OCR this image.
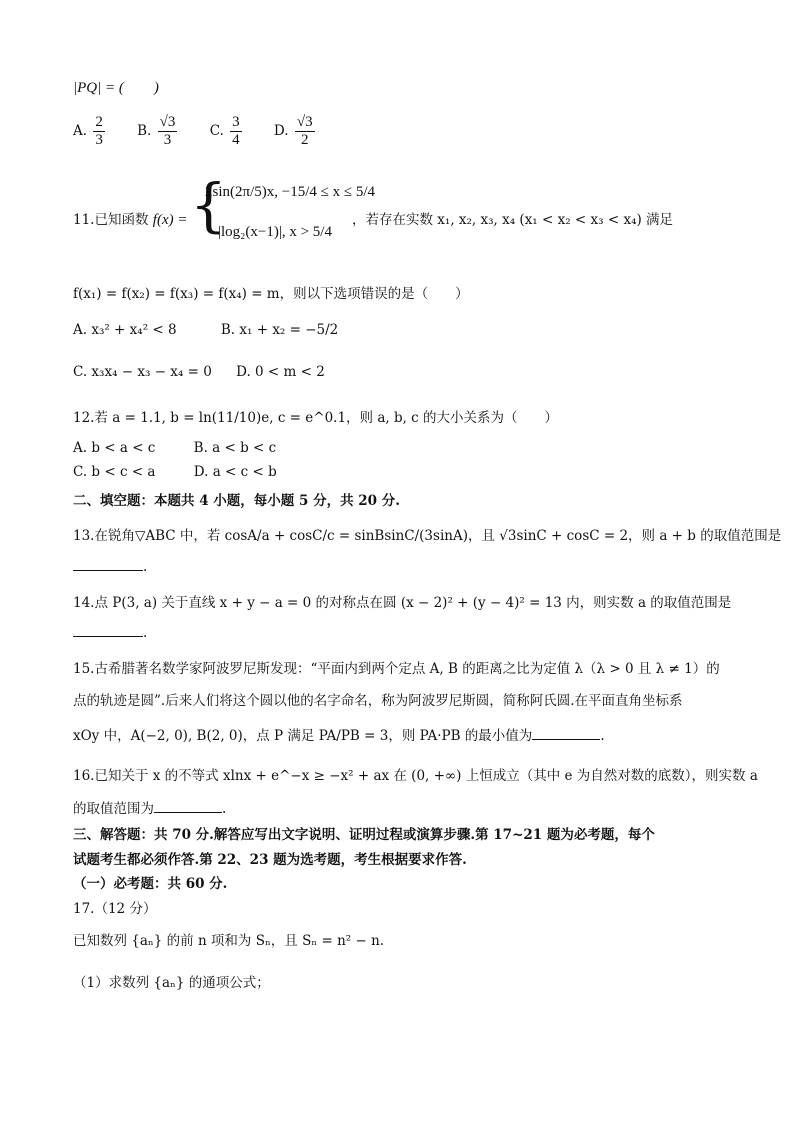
|PQ| = (　　)
A. $\frac{2}{3} B$. $\frac{√3}{3} C$. $\frac{3}{4} D$. $\frac{√3}{2}$
11.已知函数 f(x) = {
2sin(2π/5)x, −15/4 ≤ x ≤ 5/4
|log₂(x−1)|, x > 5/4
，若存在实数 x₁, x₂, x₃, x₄ (x₁ < x₂ < x₃ < x₄) 满足
f(x₁) = f(x₂) = f(x₃) = f(x₄) = m，则以下选项错误的是（　　）
A. x₃² + x₄² < 8	B. x₁ + x₂ = −5/2
C. x₃x₄ − x₃ − x₄ = 0 D. 0 < m < 2
12.若 a = 1.1, b = ln(11/10)e, c = e^0.1，则 a, b, c 的大小关系为（　　）
A. b < a < c	B. a < b < c
C. b < c < a	D. a < c < b
二、填空题：本题共 4 小题，每小题 5 分，共 20 分.
13.在锐角▽ABC 中，若 cosA/a + cosC/c = sinBsinC/(3sinA)，且 √3sinC + cosC = 2，则 a + b 的取值范围是
.
14.点 P(3, a) 关于直线 x + y − a = 0 的对称点在圆 (x − 2)² + (y − 4)² = 13 内，则实数 a 的取值范围是
.
15.古希腊著名数学家阿波罗尼斯发现：“平面内到两个定点 A, B 的距离之比为定值 λ（λ > 0 且 λ ≠ 1）的
点的轨迹是圆”.后来人们将这个圆以他的名字命名，称为阿波罗尼斯圆，简称阿氏圆.在平面直角坐标系
xOy 中，A(−2, 0), B(2, 0)，点 P 满足 PA/PB = 3，则 PA·PB 的最小值为	.
16.已知关于 x 的不等式 xlnx + e^−x ≥ −x² + ax 在 (0, +∞) 上恒成立（其中 e 为自然对数的底数），则实数 a
的取值范围为	.
三、解答题：共 70 分.解答应写出文字说明、证明过程或演算步骤.第 17~21 题为必考题，每个
试题考生都必须作答.第 22、23 题为选考题，考生根据要求作答.
（一）必考题：共 60 分.
17.（12 分）
已知数列 {aₙ} 的前 n 项和为 Sₙ，且 Sₙ = n² − n.
（1）求数列 {aₙ} 的通项公式；
